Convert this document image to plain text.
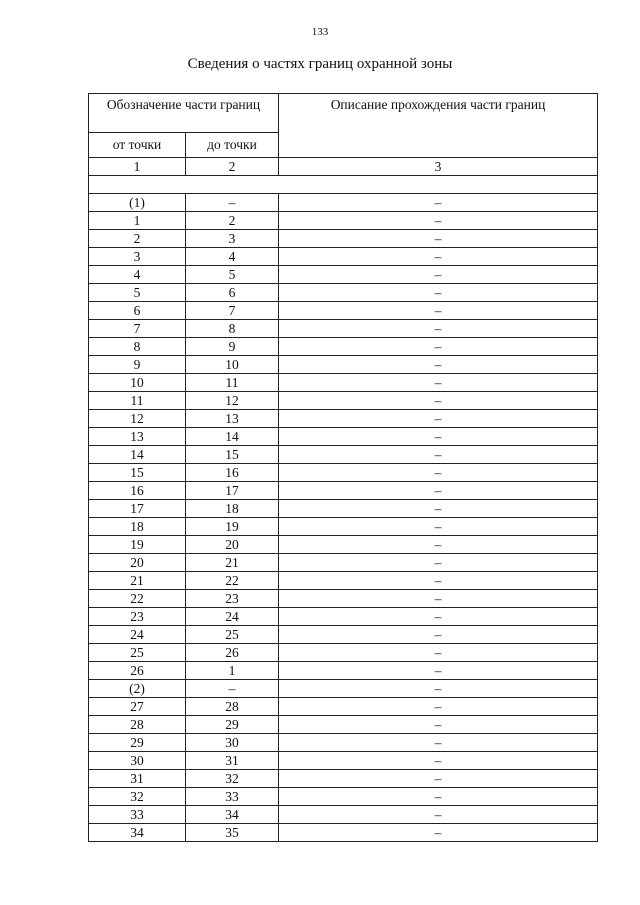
133
Сведения о частях границ охранной зоны
Обозначение части границ		Описание прохождения части границ
от точки	до точки	
1	2	3

(1)	–	–
1	2	–
2	3	–
3	4	–
4	5	–
5	6	–
6	7	–
7	8	–
8	9	–
9	10	–
10	11	–
11	12	–
12	13	–
13	14	–
14	15	–
15	16	–
16	17	–
17	18	–
18	19	–
19	20	–
20	21	–
21	22	–
22	23	–
23	24	–
24	25	–
25	26	–
26	1	–
(2)	–	–
27	28	–
28	29	–
29	30	–
30	31	–
31	32	–
32	33	–
33	34	–
34	35	–
